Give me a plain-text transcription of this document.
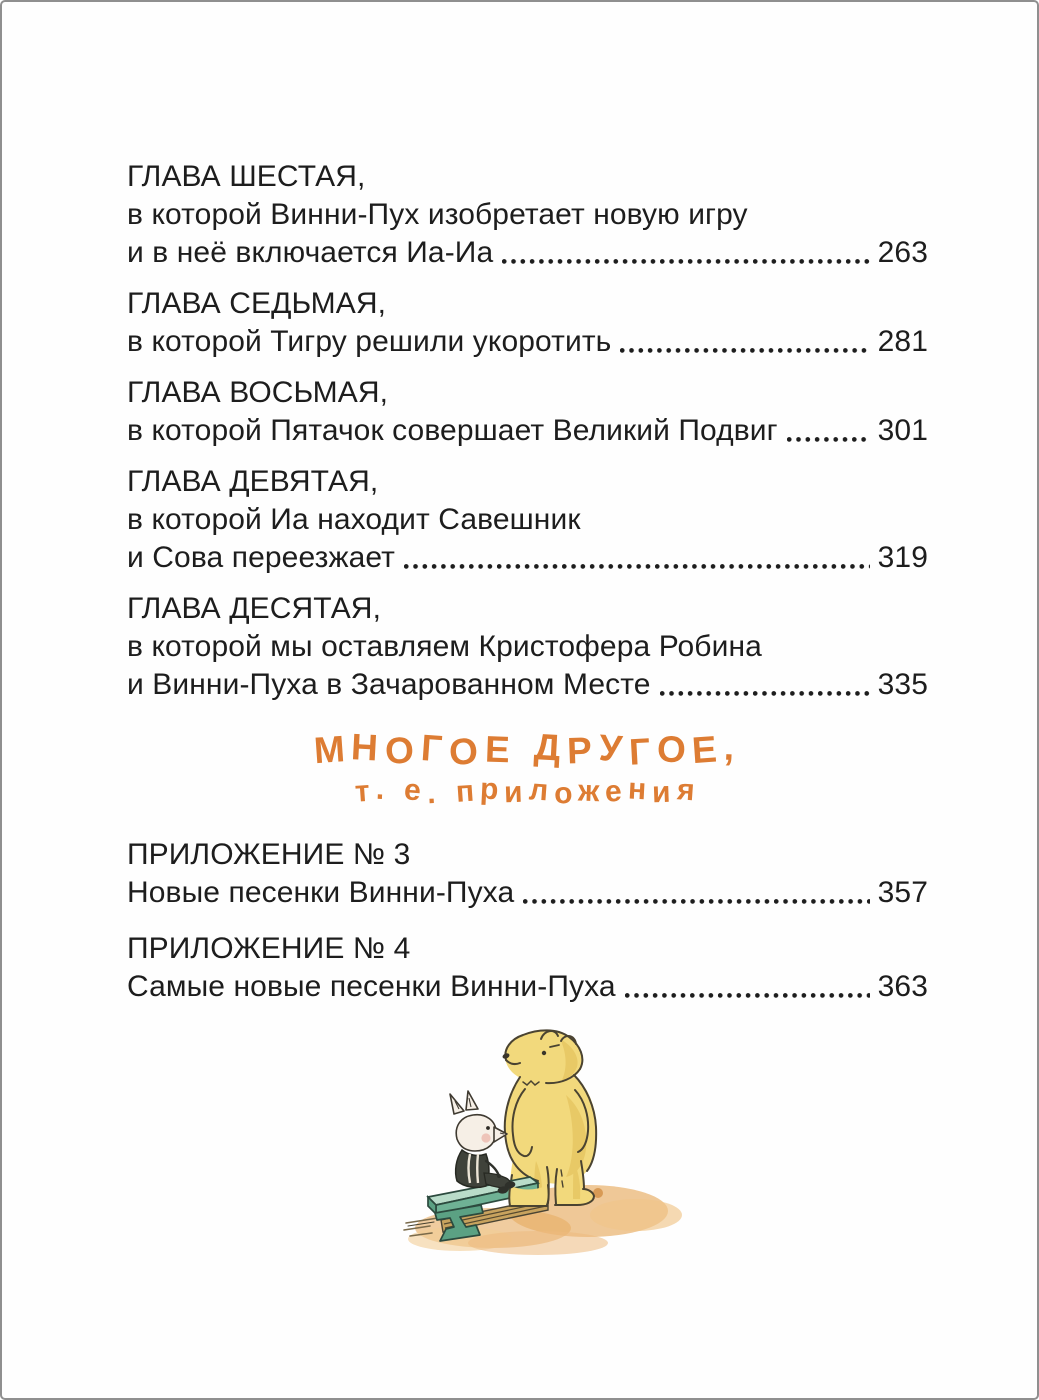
ГЛАВА ШЕСТАЯ,
в которой Винни-Пух изобретает новую игру
и в неё включается Иа-Иа	263
ГЛАВА СЕДЬМАЯ,
в которой Тигру решили укоротить	281
ГЛАВА ВОСЬМАЯ,
в которой Пятачок совершает Великий Подвиг	301
ГЛАВА ДЕВЯТАЯ,
в которой Иа находит Савешник
и Сова переезжает	319
ГЛАВА ДЕСЯТАЯ,
в которой мы оставляем Кристофера Робина
и Винни-Пуха в Зачарованном Месте	335
МНОГОЕ ДРУГОЕ,
т. е. приложения
ПРИЛОЖЕНИЕ № 3
Новые песенки Винни-Пуха	357
ПРИЛОЖЕНИЕ № 4
Самые новые песенки Винни-Пуха	363
